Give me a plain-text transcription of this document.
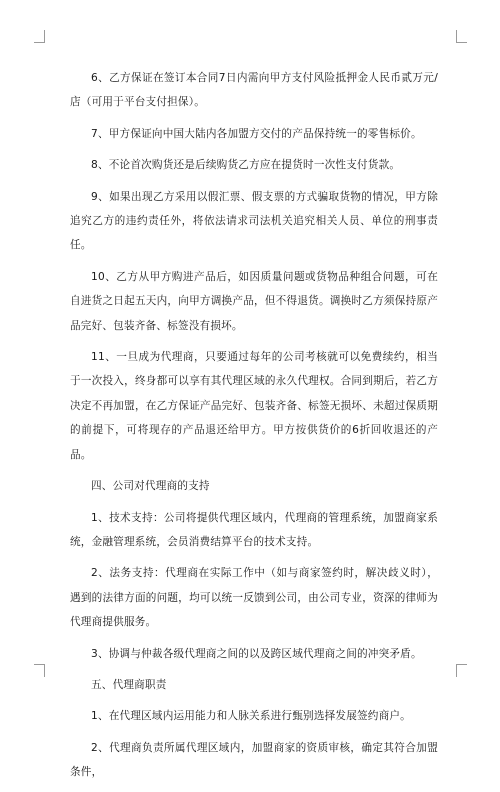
6、乙方保证在签订本合同7日内需向甲方支付风险抵押金人民币贰万元/店（可用于平台支付担保）。

7、甲方保证向中国大陆内各加盟方交付的产品保持统一的零售标价。

8、不论首次购货还是后续购货乙方应在提货时一次性支付货款。

9、如果出现乙方采用以假汇票、假支票的方式骗取货物的情况，甲方除追究乙方的违约责任外，将依法请求司法机关追究相关人员、单位的刑事责任。

10、乙方从甲方购进产品后，如因质量问题或货物品种组合问题，可在自进货之日起五天内，向甲方调换产品，但不得退货。调换时乙方须保持原产品完好、包装齐备、标签没有损坏。

11、一旦成为代理商，只要通过每年的公司考核就可以免费续约，相当于一次投入，终身都可以享有其代理区域的永久代理权。合同到期后，若乙方决定不再加盟，在乙方保证产品完好、包装齐备、标签无损坏、未超过保质期的前提下，可将现存的产品退还给甲方。甲方按供货价的6折回收退还的产品。

四、公司对代理商的支持

1、技术支持：公司将提供代理区域内，代理商的管理系统，加盟商家系统，金融管理系统，会员消费结算平台的技术支持。

2、法务支持：代理商在实际工作中（如与商家签约时，解决歧义时），遇到的法律方面的问题，均可以统一反馈到公司，由公司专业，资深的律师为代理商提供服务。

3、协调与仲裁各级代理商之间的以及跨区域代理商之间的冲突矛盾。

五、代理商职责

1、在代理区域内运用能力和人脉关系进行甄别选择发展签约商户。

2、代理商负责所属代理区域内，加盟商家的资质审核，确定其符合加盟条件，
